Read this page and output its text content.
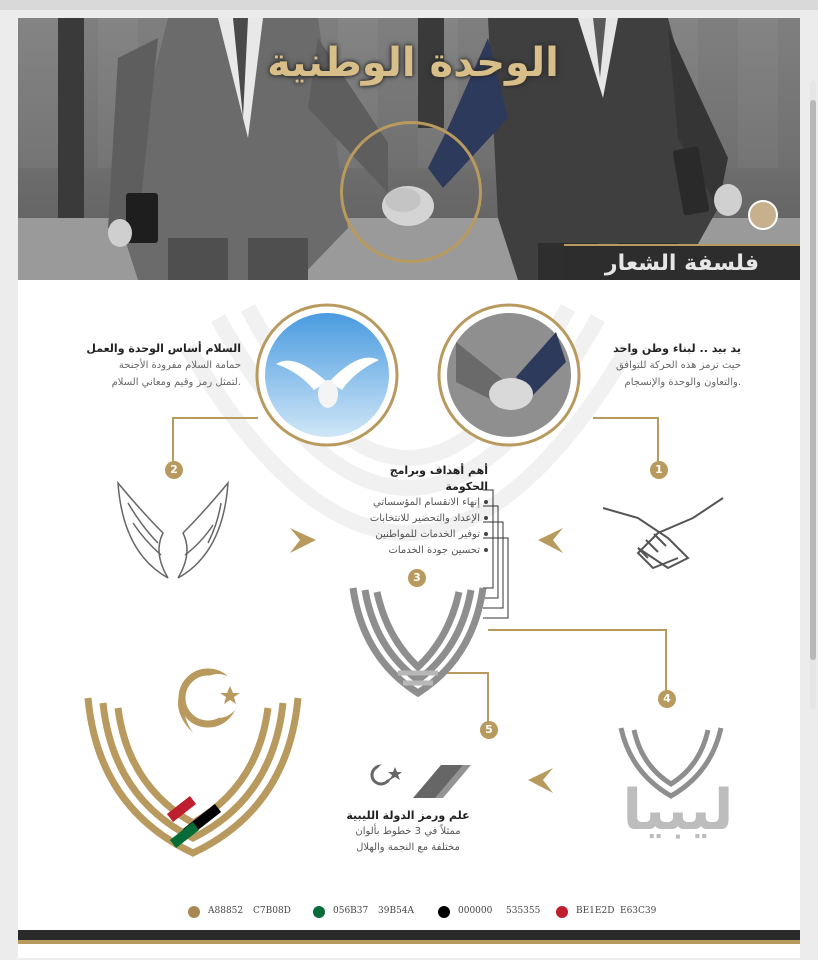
الوحدة الوطنية
فلسفة الشعار
1
2
3
4
5
يد بيد .. لبناء وطن واحد
حيث ترمز هذه الحركة للتوافق
والتعاون والوحدة والإنسجام.
السلام أساس الوحدة والعمل
حمامة السلام مفرودة الأجنحة
لتمثل رمز وقيم ومعاني السلام.
أهم أهداف وبرامج الحكومة
إنهاء الانقسام المؤسساتي
الإعداد والتحضير للانتخابات
توفير الخدمات للمواطنين
تحسين جودة الخدمات
علم ورمز الدولة الليبية
ممثلاً في 3 خطوط بألوان
مختلفة مع النجمة والهلال
ليبيا
A88852 C7B08D	056B37 39B54A	000000 535355	BE1E2D E63C39
